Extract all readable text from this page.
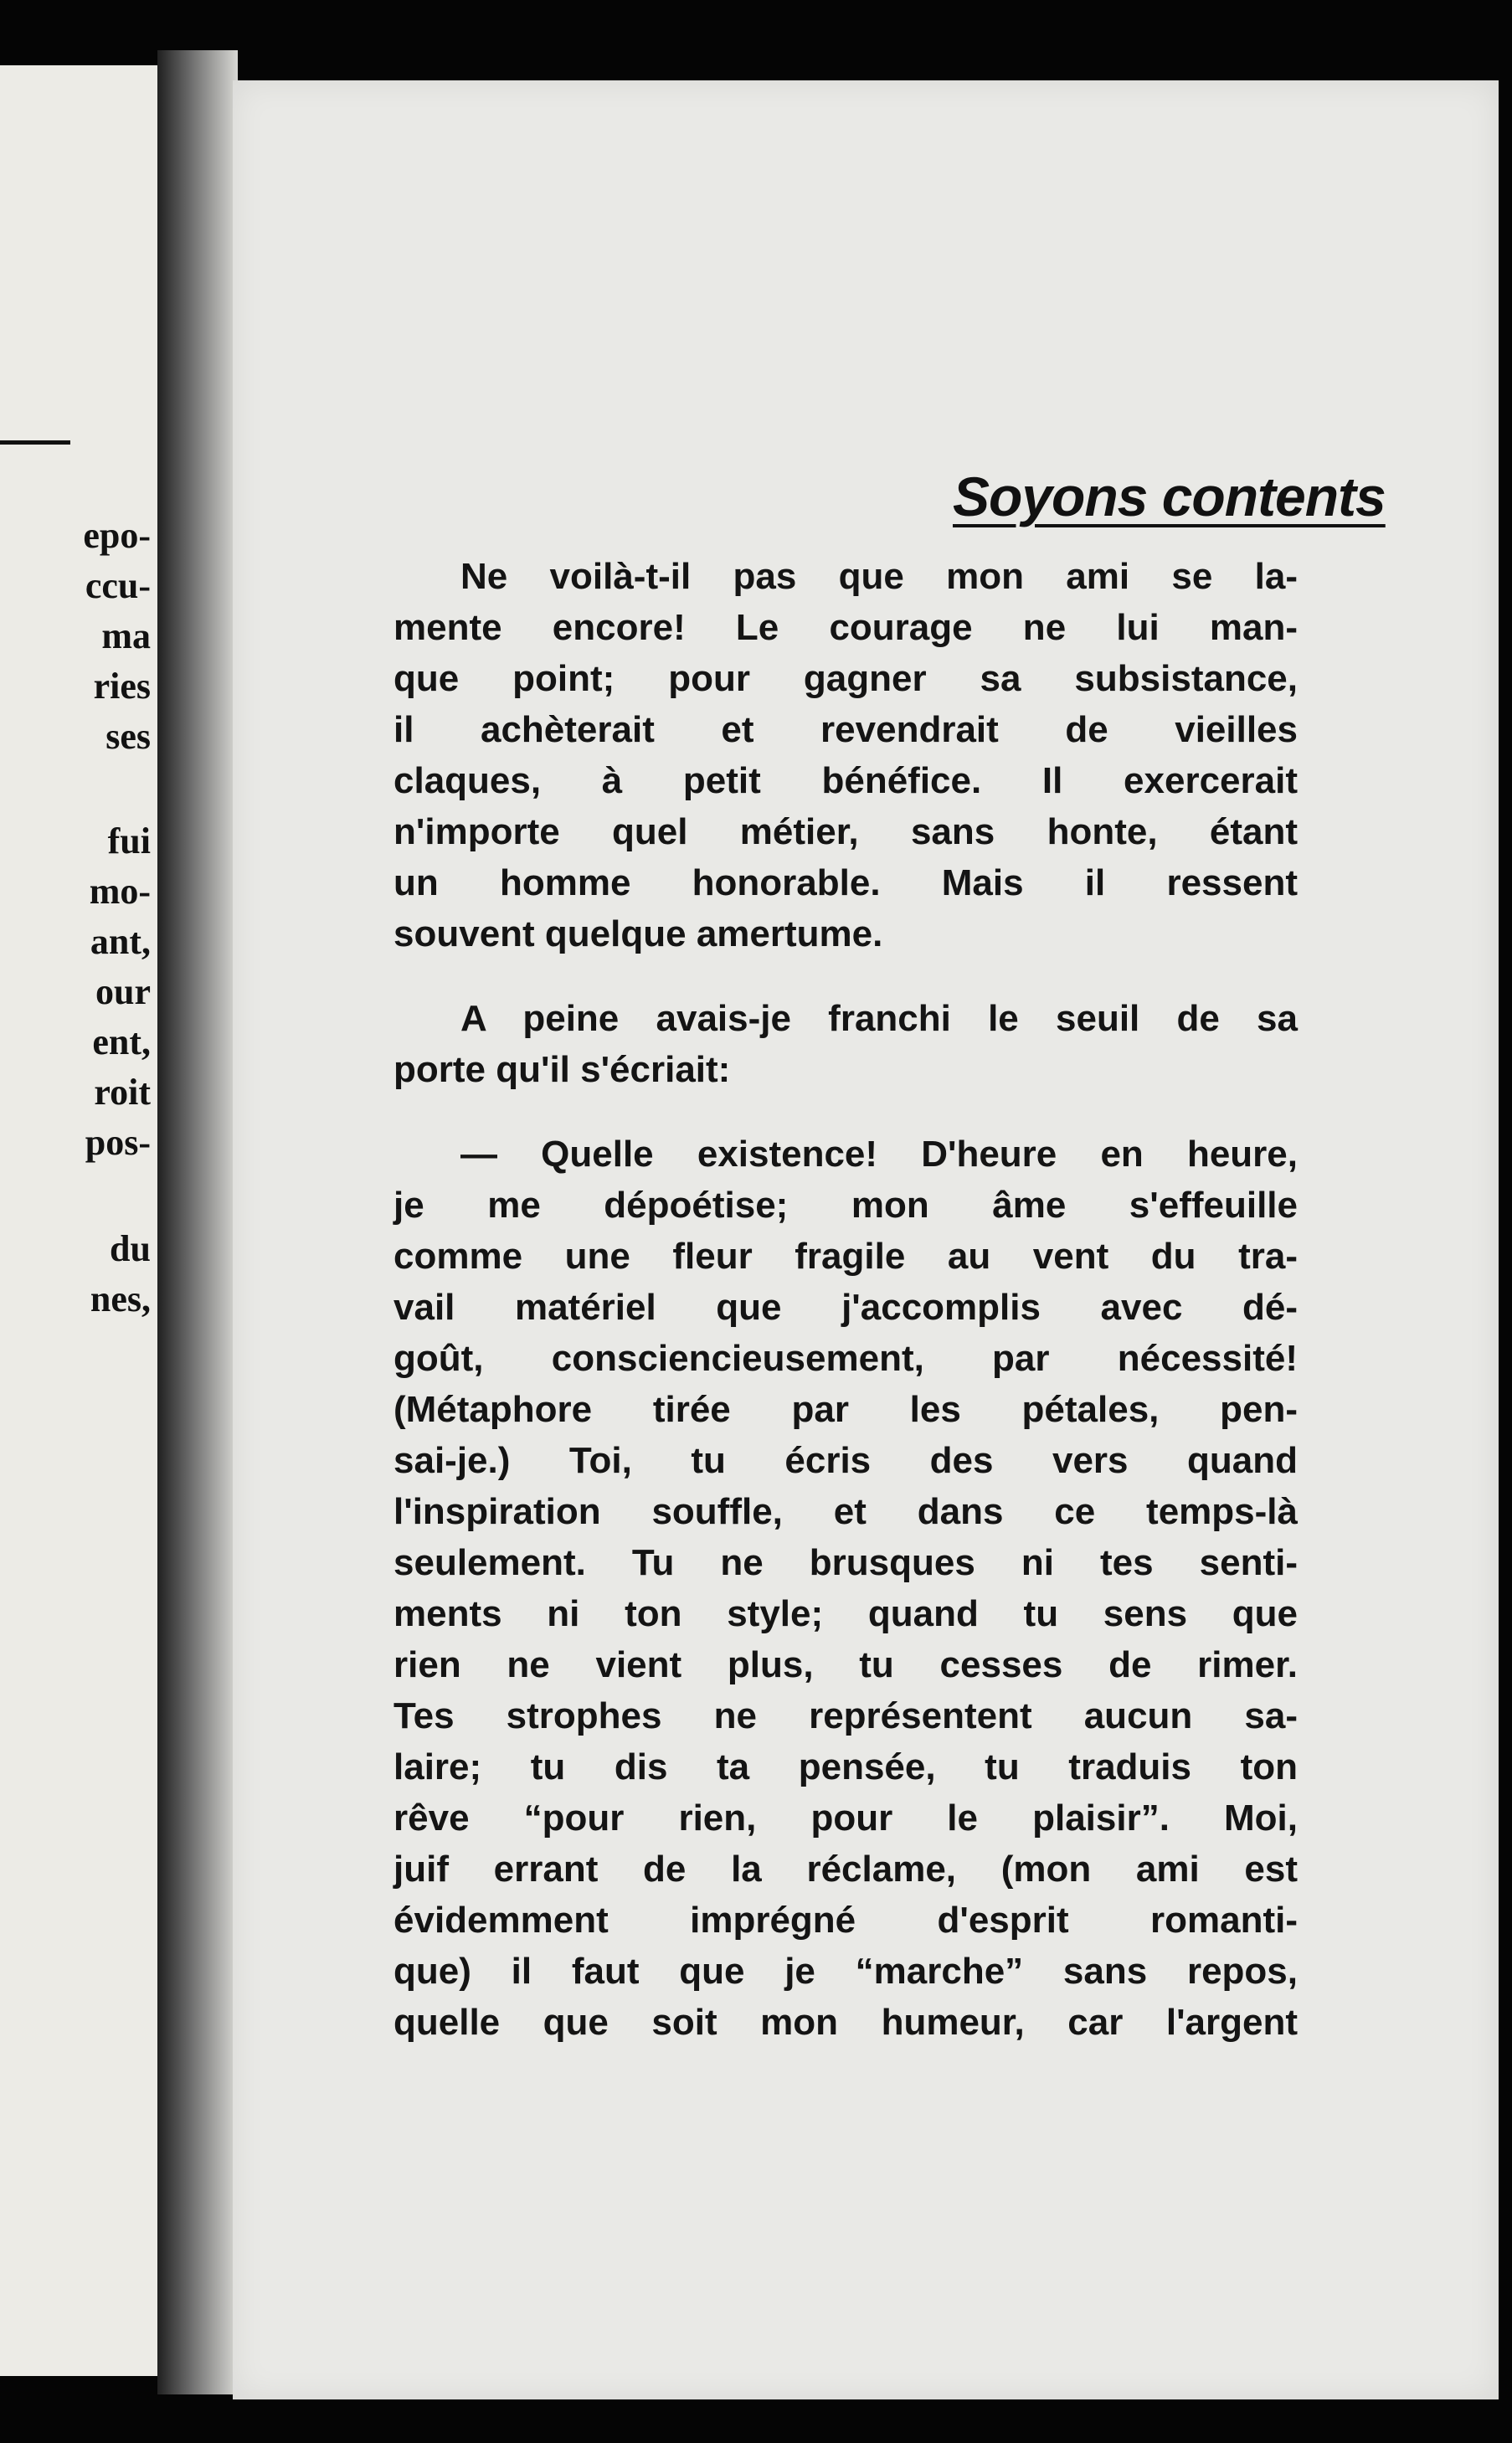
epo-

ccu-

ma

ries

ses

fui

mo-

ant,

our

ent,

roit

pos-

du

nes,

Soyons contents

Ne voilà-t-il pas que mon ami se la-
mente encore! Le courage ne lui man-
que point; pour gagner sa subsistance,
il achèterait et revendrait de vieilles
claques, à petit bénéfice. Il exercerait
n'importe quel métier, sans honte, étant
un homme honorable. Mais il ressent
souvent quelque amertume.

A peine avais-je franchi le seuil de sa
porte qu'il s'écriait:

— Quelle existence! D'heure en heure,
je me dépoétise; mon âme s'effeuille
comme une fleur fragile au vent du tra-
vail matériel que j'accomplis avec dé-
goût, consciencieusement, par nécessité!
(Métaphore tirée par les pétales, pen-
sai-je.) Toi, tu écris des vers quand
l'inspiration souffle, et dans ce temps-là
seulement. Tu ne brusques ni tes senti-
ments ni ton style; quand tu sens que
rien ne vient plus, tu cesses de rimer.
Tes strophes ne représentent aucun sa-
laire; tu dis ta pensée, tu traduis ton
rêve “pour rien, pour le plaisir”. Moi,
juif errant de la réclame, (mon ami est
évidemment imprégné d'esprit romanti-
que) il faut que je “marche” sans repos,
quelle que soit mon humeur, car l'argent
